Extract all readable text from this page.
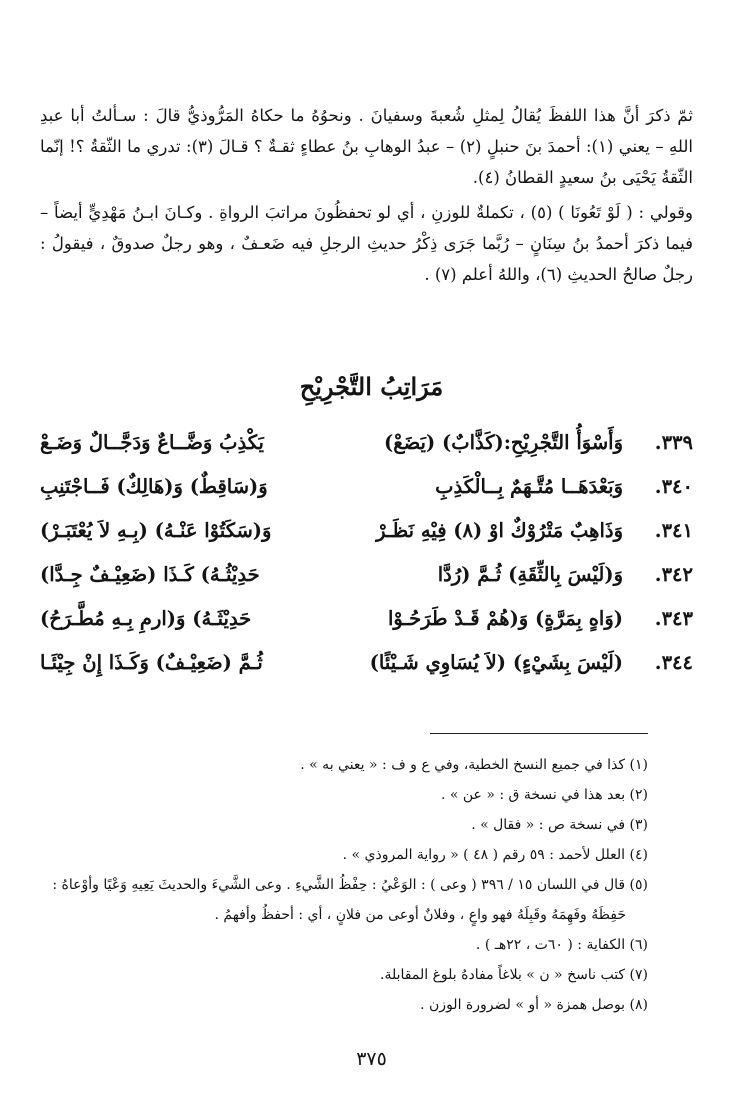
ثمّ ذكرَ أنَّ هذا اللفظَ يُقالُ لِمثلِ شُعبةَ وسفيانَ . ونحوُهُ ما حكاهُ المَرُّوذيُّ قالَ : سـألتُ أبا عبدِ اللهِ – يعني (١): أحمدَ بنَ حنبلٍ (٢) – عبدُ الوهابِ بنُ عطاءٍ ثقـةٌ ؟ قـالَ (٣): تدري ما الثّقةُ ؟! إنّما الثّقةُ يَحْيَى بنُ سعيدٍ القطانُ (٤).

وقولي : ( لَوْ تَعُونَا ) (٥) ، تكملةٌ للوزنِ ، أي لو تحفظُونَ مراتبَ الرواةِ . وكـانَ ابـنُ مَهْدِيٍّ أيضاً – فيما ذكرَ أحمدُ بنُ سِنَانٍ – رُبَّما جَرَى ذِكْرُ حديثِ الرجلِ فيه ضَعـفٌ ، وهو رجلٌ صدوقٌ ، فيقولُ : رجلٌ صالحُ الحديثِ (٦)، واللهُ أعلم (٧) .

مَرَاتِبُ التَّجْرِيْحِ
٣٣٩.
وَأَسْوَأُ التَّجْرِيْحِ:(كَذَّابٌ) (يَضَعْ)
يَكْذِبُ وَضَّــاعٌ وَدَجَّــالٌ وَضَـعْ
٣٤٠.
وَبَعْدَهَــا مُتَّـهَمٌ بِــالْكَذِبِ
وَ(سَاقِطٌ) وَ(هَالِكٌ) فَــاجْتَنِبِ
٣٤١.
وَذَاهِبٌ مَتْرُوْكٌ اوْ (٨) فِيْهِ نَظَـرْ
وَ(سَكَتُوْا عَنْـهُ) (بِـهِ لاَ يُعْتَبَـرْ)
٣٤٢.
وَ(لَيْسَ بِالثِّقَةِ) ثُـمَّ (رُدَّا
حَدِيْثُـهُ) كَـذَا (ضَعِيْـفٌ جِـدَّا)
٣٤٣.
(وَاهٍ بِمَرَّةٍ) وَ(هُمْ قَـدْ طَرَحُـوْا
حَدِيْثَـهُ) وَ(ارمِ بِـهِ مُطَّـرَحُ)
٣٤٤.
(لَيْسَ بِشَيْءٍ) (لاَ يُسَاوِي شَـيْئًا)
ثُـمَّ (ضَعِيْـفٌ) وَكَـذَا إِنْ جِيْئَـا
(١) كذا في جميع النسخ الخطية، وفي ع و ف : « يعني به » .
(٢) بعد هذا في نسخة ق : « عن » .
(٣) في نسخة ص : « فقال » .
(٤) العلل لأحمد : ٥٩ رقم ( ٤٨ ) « رواية المروذي » .
(٥) قال في اللسان ١٥ / ٣٩٦ ( وعى ) : الوَعْيُ : حِفْظُ الشَّيءِ . وعى الشَّيءَ والحديثَ يَعِيهِ وَعْيًا وأوْعاهُ :
حَفِظَهُ وفَهِمَهُ وقَبِلَهُ فهو واعٍ ، وفلانٌ أوعى من فلانٍ ، أي : أحفظُ وأفهمُ .
(٦) الكفاية : ( ٦٠ت ، ٢٢هـ ) .
(٧) كتب ناسخ « ن » بلاغاً مفادهُ بلوغ المقابلة.
(٨) بوصل همزة « أو » لضرورة الوزن .
٣٧٥
